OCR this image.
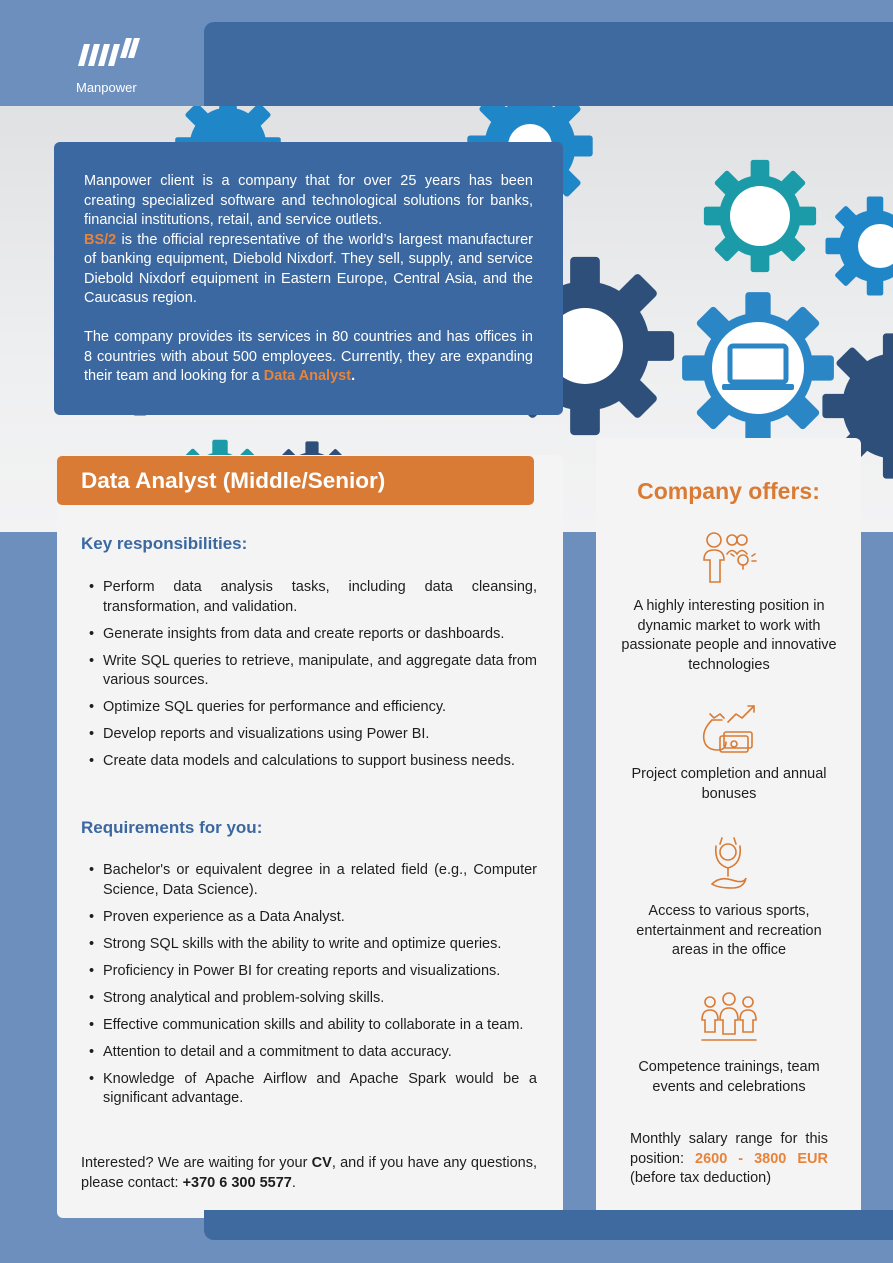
Manpower

Manpower client is a company that for over 25 years has been creating specialized software and technological solutions for banks, financial institutions, retail, and service outlets.
BS/2 is the official representative of the world’s largest manufacturer of banking equipment, Diebold Nixdorf. They sell, supply, and service Diebold Nixdorf equipment in Eastern Europe, Central Asia, and the Caucasus region.

The company provides its services in 80 countries and has offices in 8 countries with about 500 employees. Currently, they are expanding their team and looking for a Data Analyst.

Data Analyst (Middle/Senior)
Key responsibilities:
• Perform data analysis tasks, including data cleansing, transformation, and validation.
• Generate insights from data and create reports or dashboards.
• Write SQL queries to retrieve, manipulate, and aggregate data from various sources.
• Optimize SQL queries for performance and efficiency.
• Develop reports and visualizations using Power BI.
• Create data models and calculations to support business needs.
Requirements for you:
• Bachelor's or equivalent degree in a related field (e.g., Computer Science, Data Science).
• Proven experience as a Data Analyst.
• Strong SQL skills with the ability to write and optimize queries.
• Proficiency in Power BI for creating reports and visualizations.
• Strong analytical and problem-solving skills.
• Effective communication skills and ability to collaborate in a team.
• Attention to detail and a commitment to data accuracy.
• Knowledge of Apache Airflow and Apache Spark would be a significant advantage.
Interested? We are waiting for your CV, and if you have any questions, please contact: +370 6 300 5577.
Company offers:
A highly interesting position in dynamic market to work with passionate people and innovative technologies
Project completion and annual bonuses
Access to various sports, entertainment and recreation areas in the office
Competence trainings, team events and celebrations
Monthly salary range for this position: 2600 - 3800 EUR (before tax deduction)
